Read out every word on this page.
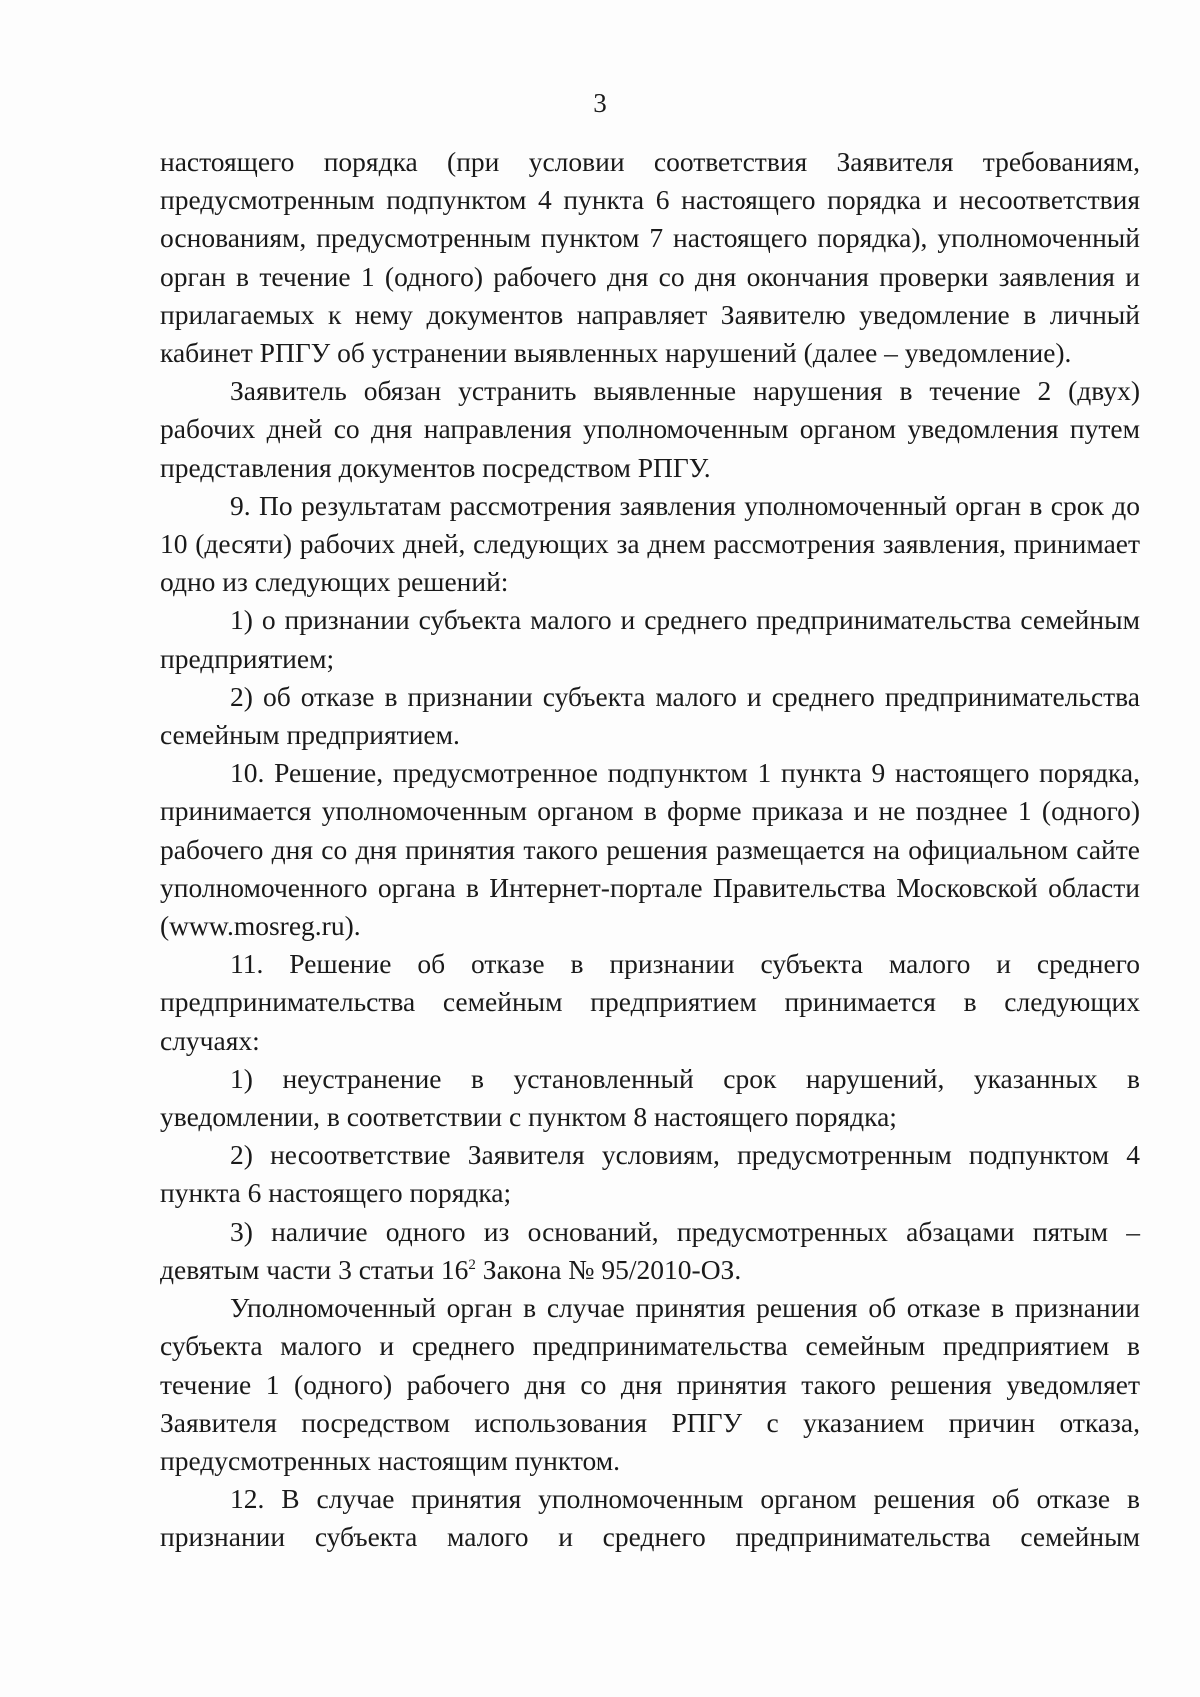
3

настоящего порядка (при условии соответствия Заявителя требованиям, предусмотренным подпунктом 4 пункта 6 настоящего порядка и несоответствия основаниям, предусмотренным пунктом 7 настоящего порядка), уполномоченный орган в течение 1 (одного) рабочего дня со дня окончания проверки заявления и прилагаемых к нему документов направляет Заявителю уведомление в личный кабинет РПГУ об устранении выявленных нарушений (далее – уведомление).

Заявитель обязан устранить выявленные нарушения в течение 2 (двух) рабочих дней со дня направления уполномоченным органом уведомления путем представления документов посредством РПГУ.

9. По результатам рассмотрения заявления уполномоченный орган в срок до 10 (десяти) рабочих дней, следующих за днем рассмотрения заявления, принимает одно из следующих решений:

1) о признании субъекта малого и среднего предпринимательства семейным предприятием;

2) об отказе в признании субъекта малого и среднего предпринимательства семейным предприятием.

10. Решение, предусмотренное подпунктом 1 пункта 9 настоящего порядка, принимается уполномоченным органом в форме приказа и не позднее 1 (одного) рабочего дня со дня принятия такого решения размещается на официальном сайте уполномоченного органа в Интернет-портале Правительства Московской области (www.mosreg.ru).

11. Решение об отказе в признании субъекта малого и среднего предпринимательства семейным предприятием принимается в следующих случаях:

1) неустранение в установленный срок нарушений, указанных в уведомлении, в соответствии с пунктом 8 настоящего порядка;

2) несоответствие Заявителя условиям, предусмотренным подпунктом 4 пункта 6 настоящего порядка;

3) наличие одного из оснований, предусмотренных абзацами пятым – девятым части 3 статьи $16^2$ Закона № 95/2010-ОЗ.

Уполномоченный орган в случае принятия решения об отказе в признании субъекта малого и среднего предпринимательства семейным предприятием в течение 1 (одного) рабочего дня со дня принятия такого решения уведомляет Заявителя посредством использования РПГУ с указанием причин отказа, предусмотренных настоящим пунктом.

12. В случае принятия уполномоченным органом решения об отказе в признании субъекта малого и среднего предпринимательства семейным
